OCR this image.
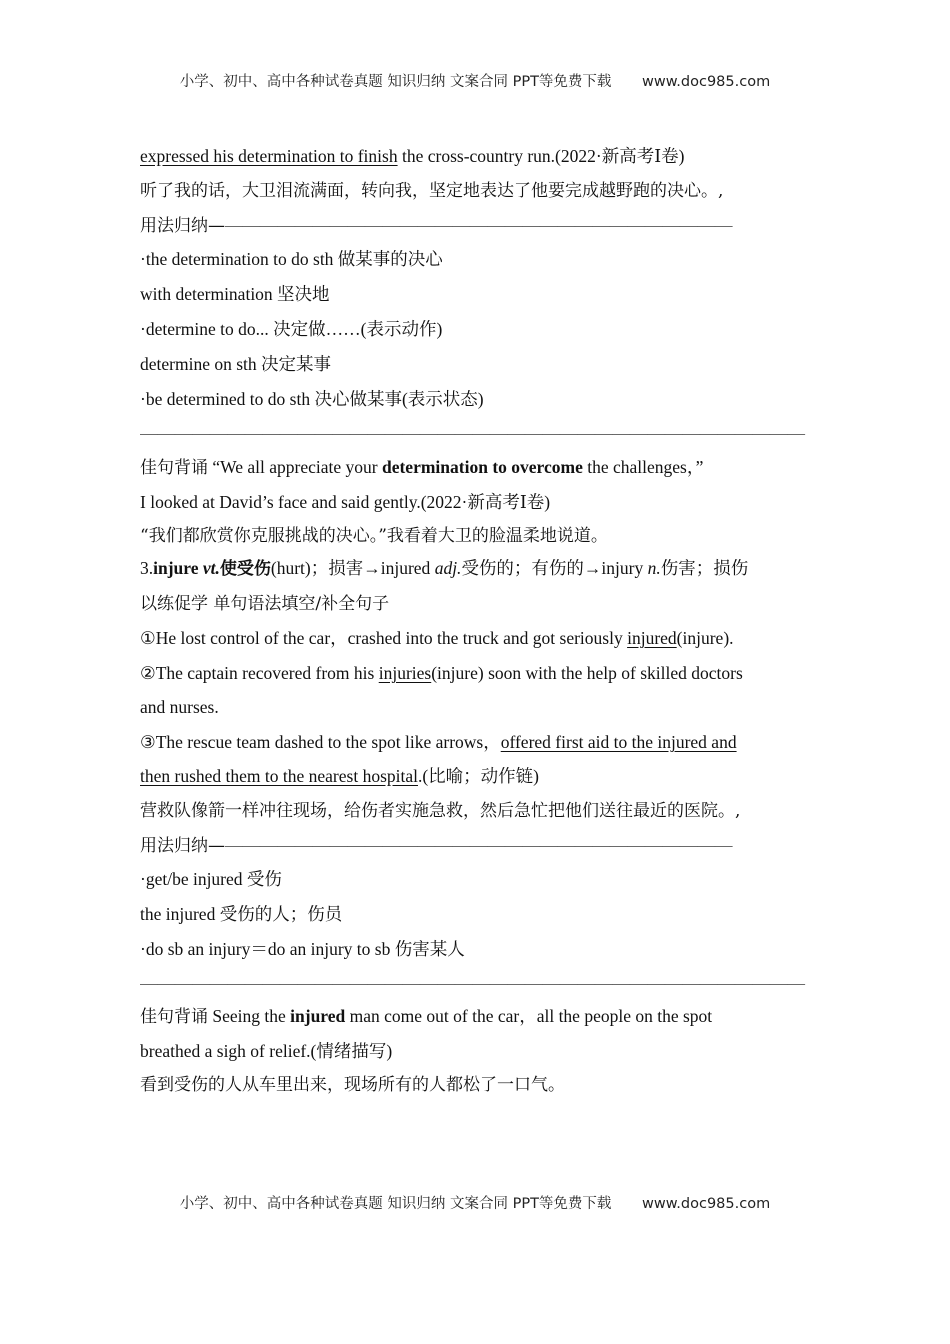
小学、初中、高中各种试卷真题 知识归纳 文案合同 PPT等免费下载 www.doc985.com
expressed his determination to finish the cross-country run.(2022·新高考Ⅰ卷)
听了我的话，大卫泪流满面，转向我，坚定地表达了他要完成越野跑的决心。,
用法归纳——————————————————————————————
·the determination to do sth 做某事的决心
with determination 坚决地
·determine to do... 决定做……(表示动作)
determine on sth 决定某事
·be determined to do sth 决心做某事(表示状态)
——————————————————————————————————————
佳句背诵 “We all appreciate your determination to overcome the challenges，”
I looked at David’s face and said gently.(2022·新高考Ⅰ卷)
“我们都欣赏你克服挑战的决心。”我看着大卫的脸温柔地说道。
3.injure vt.使受伤(hurt)；损害→injured adj.受伤的；有伤的→injury n.伤害；损伤
以练促学 单句语法填空/补全句子
①He lost control of the car，crashed into the truck and got seriously injured(injure).
②The captain recovered from his injuries(injure) soon with the help of skilled doctors
and nurses.
③The rescue team dashed to the spot like arrows，offered first aid to the injured and
then rushed them to the nearest hospital.(比喻；动作链)
营救队像箭一样冲往现场，给伤者实施急救，然后急忙把他们送往最近的医院。,
用法归纳——————————————————————————————
·get/be injured 受伤
the injured 受伤的人；伤员
·do sb an injury＝do an injury to sb 伤害某人
——————————————————————————————————————
佳句背诵 Seeing the injured man come out of the car，all the people on the spot
breathed a sigh of relief.(情绪描写)
看到受伤的人从车里出来，现场所有的人都松了一口气。
小学、初中、高中各种试卷真题 知识归纳 文案合同 PPT等免费下载 www.doc985.com
